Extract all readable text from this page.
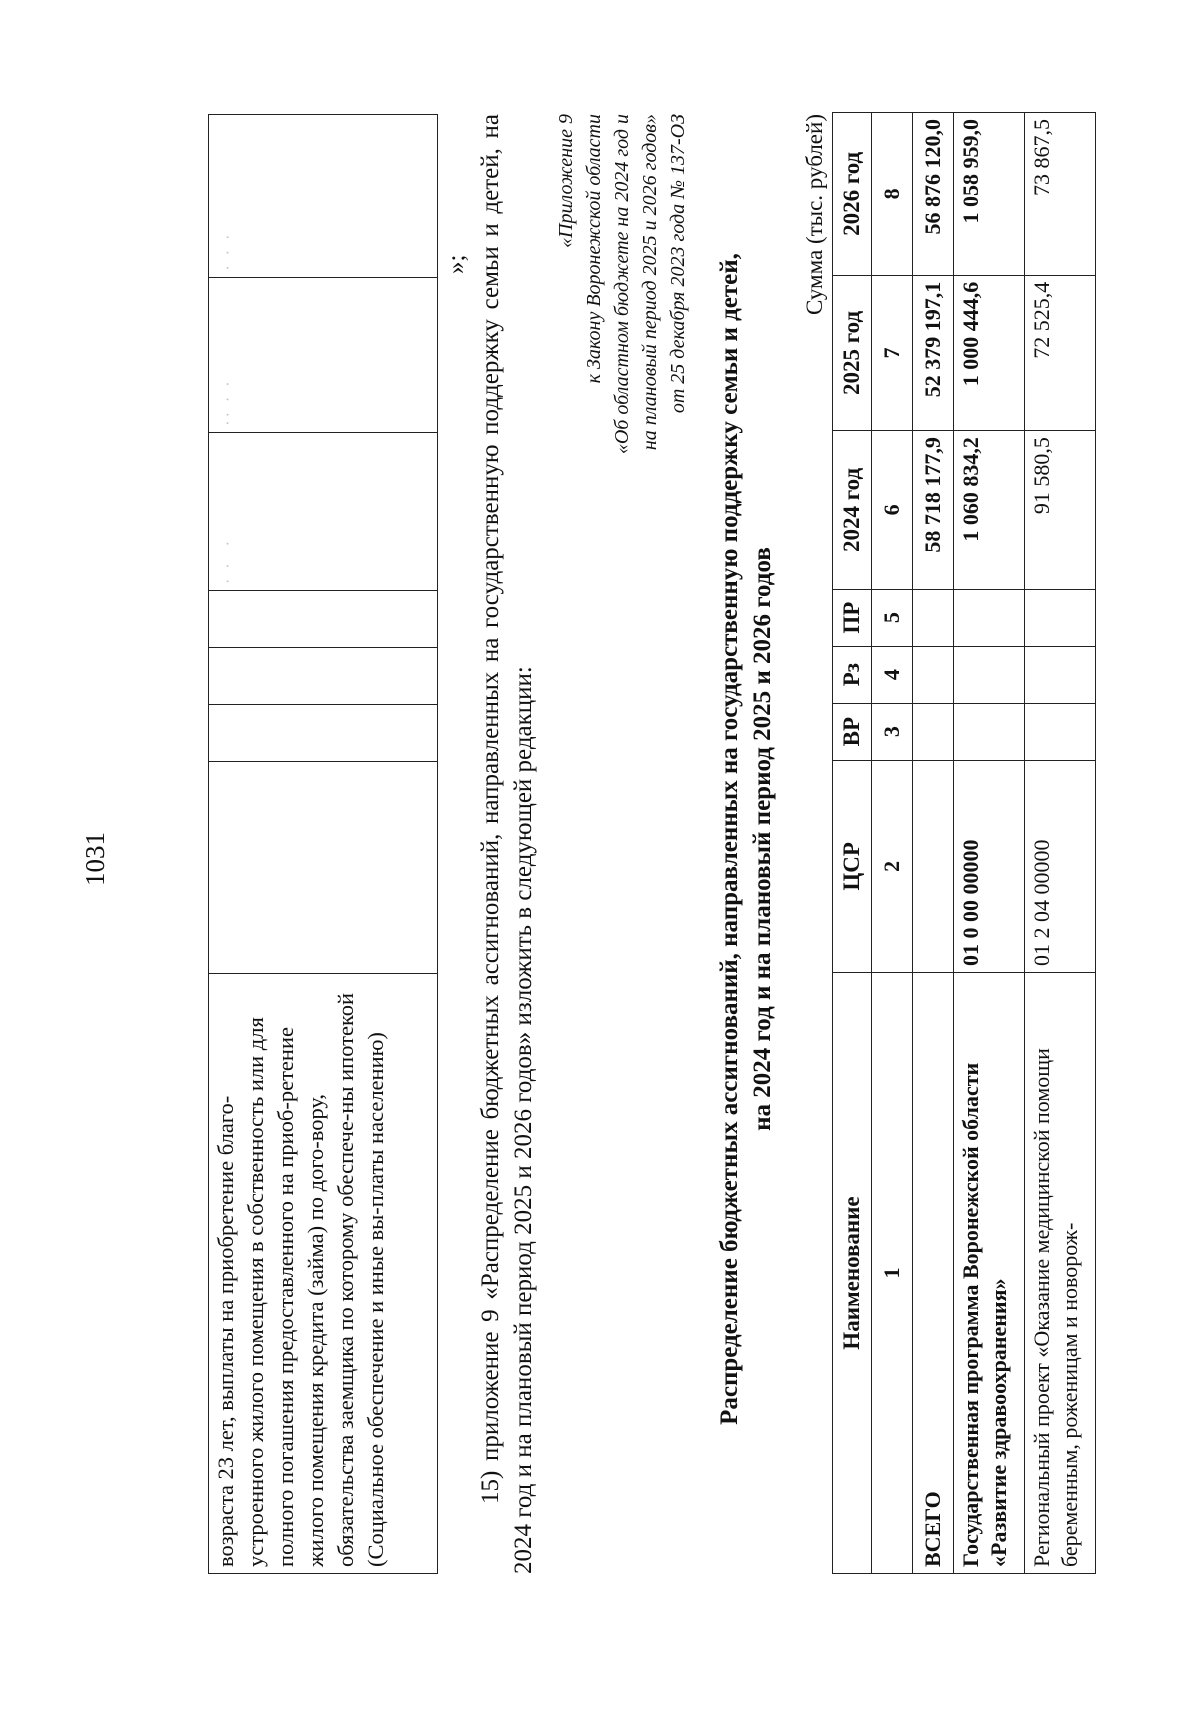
1031
возраста 23 лет, выплаты на приобретение благо-устроенного жилого помещения в собственность или для полного погашения предоставленного на приоб-ретение жилого помещения кредита (займа) по дого-вору, обязательства заемщика по которому обеспече-ны ипотекой (Социальное обеспечение и иные вы-платы населению)					· ·  ·	·· · ·	· · ·	»; 15) приложение 9 «Распределение бюджетных ассигнований, направленных на государственную поддержку семьи и детей, на 2024 год и на плановый период 2025 и 2026 годов» изложить в следующей редакции:
«Приложение 9 к Закону Воронежской области «Об областном бюджете на 2024 год и на плановый период 2025 и 2026 годов» от 25 декабря 2023 года № 137-ОЗ Распределение бюджетных ассигнований, направленных на государственную поддержку семьи и детей, на 2024 год и на плановый период 2025 и 2026 годов
Сумма (тыс. рублей)
Наименование	ЦСР	ВР	Рз	ПР	2024 год	2025 год	2026 год
1	2	3	4	5	6	7	8
ВСЕГО					58 718 177,9	52 379 197,1	56 876 120,0
Государственная программа Воронежской области «Развитие здравоохранения»	01 0 00 00000				1 060 834,2	1 000 444,6	1 058 959,0
Региональный проект «Оказание медицинской помощи беременным, роженицам и новорож-	01 2 04 00000				91 580,5	72 525,4	73 867,5
